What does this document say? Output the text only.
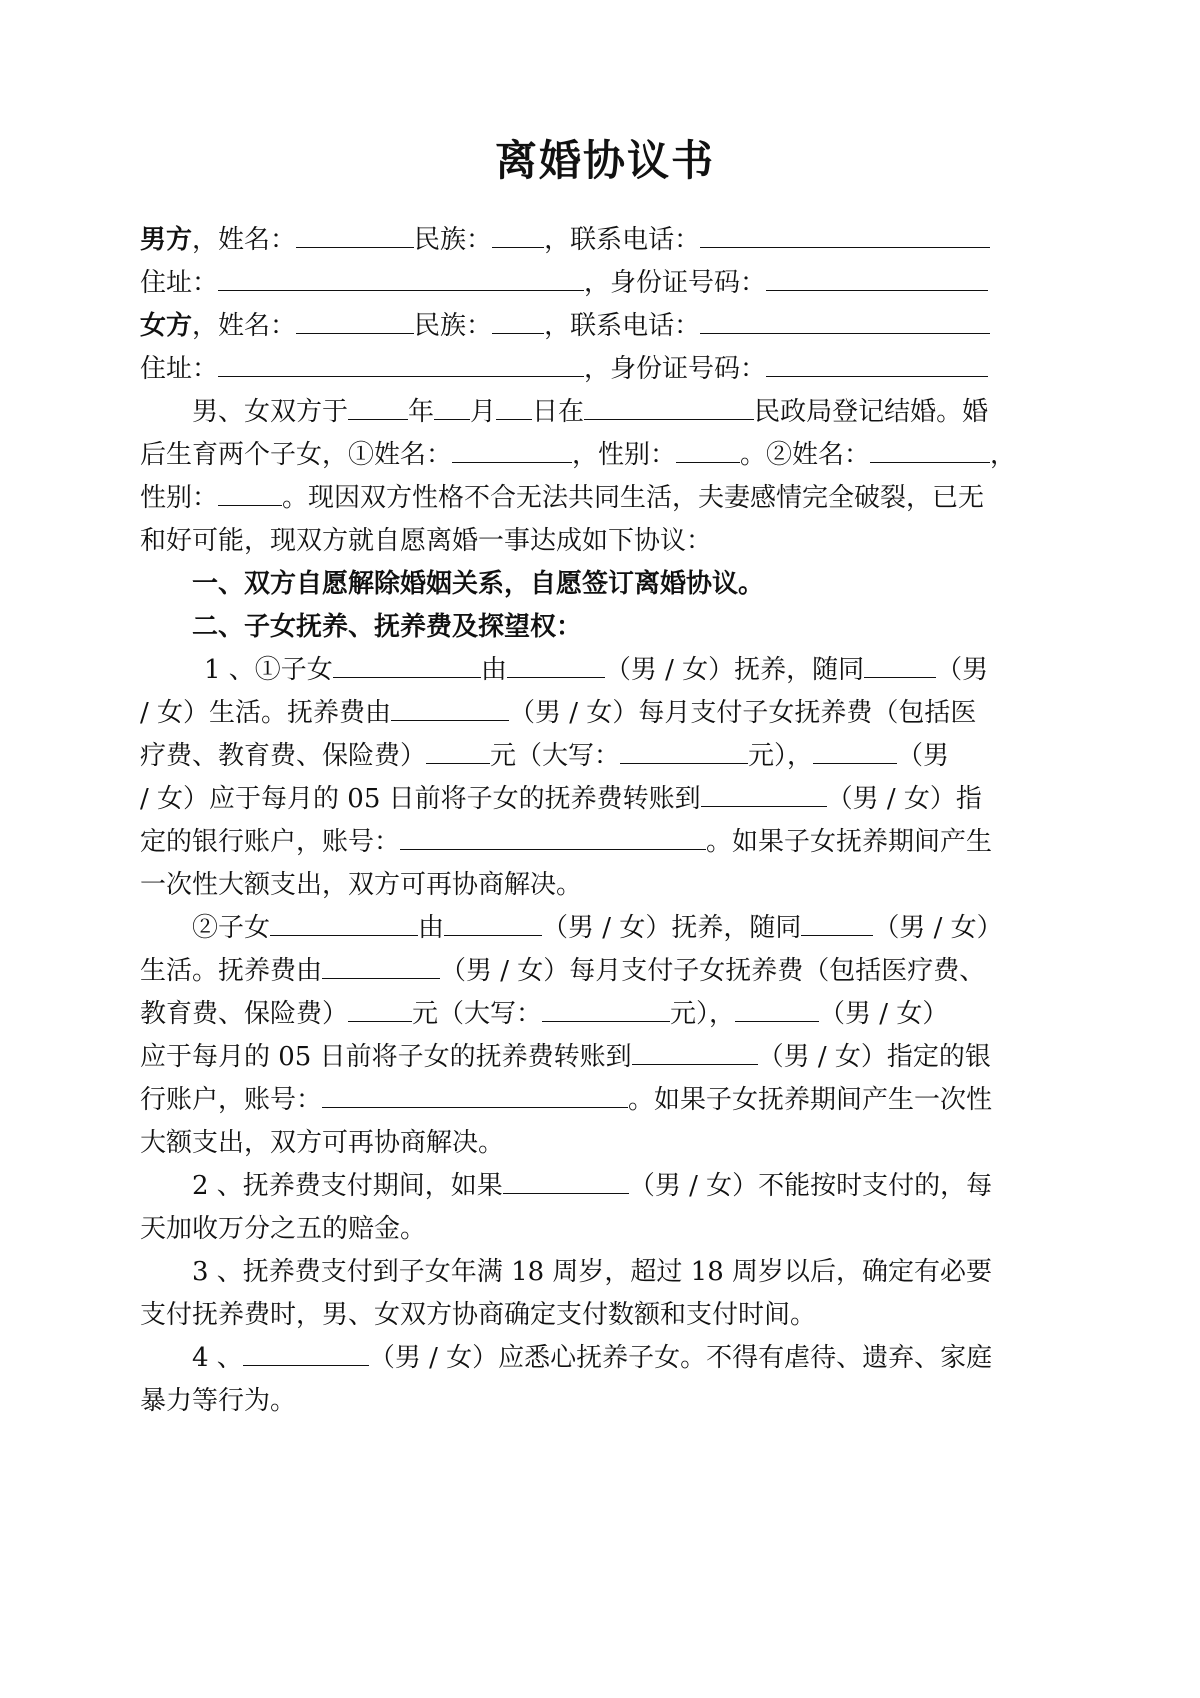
离婚协议书
男方，姓名：	民族： ，联系电话：
住址：	，身份证号码：
女方，姓名：	民族： ，联系电话：
住址：	，身份证号码：
男、女双方于 年 月 日在	民政局登记结婚。婚
后生育两个子女，①姓名：	，性别： 。②姓名：	，
性别： 。现因双方性格不合无法共同生活，夫妻感情完全破裂，已无
和好可能，现双方就自愿离婚一事达成如下协议：
一、双方自愿解除婚姻关系，自愿签订离婚协议。
二、子女抚养、抚养费及探望权：
1 、①子女	由	（男 / 女）抚养，随同	（男
/ 女）生活。抚养费由	（男 / 女）每月支付子女抚养费（包括医
疗费、教育费、保险费） 元（大写：	元），	（男
/ 女）应于每月的 05 日前将子女的抚养费转账到	（男 / 女）指
定的银行账户，账号：	。如果子女抚养期间产生
一次性大额支出，双方可再协商解决。
②子女	由	（男 / 女）抚养，随同	（男 / 女）
生活。抚养费由	（男 / 女）每月支付子女抚养费（包括医疗费、
教育费、保险费） 元（大写：	元），	（男 / 女）
应于每月的 05 日前将子女的抚养费转账到	（男 / 女）指定的银
行账户，账号：	。如果子女抚养期间产生一次性
大额支出，双方可再协商解决。
2 、抚养费支付期间，如果	（男 / 女）不能按时支付的，每
天加收万分之五的赔金。
3 、抚养费支付到子女年满 18 周岁，超过 18 周岁以后，确定有必要
支付抚养费时，男、女双方协商确定支付数额和支付时间。
4 、	（男 / 女）应悉心抚养子女。不得有虐待、遗弃、家庭
暴力等行为。
